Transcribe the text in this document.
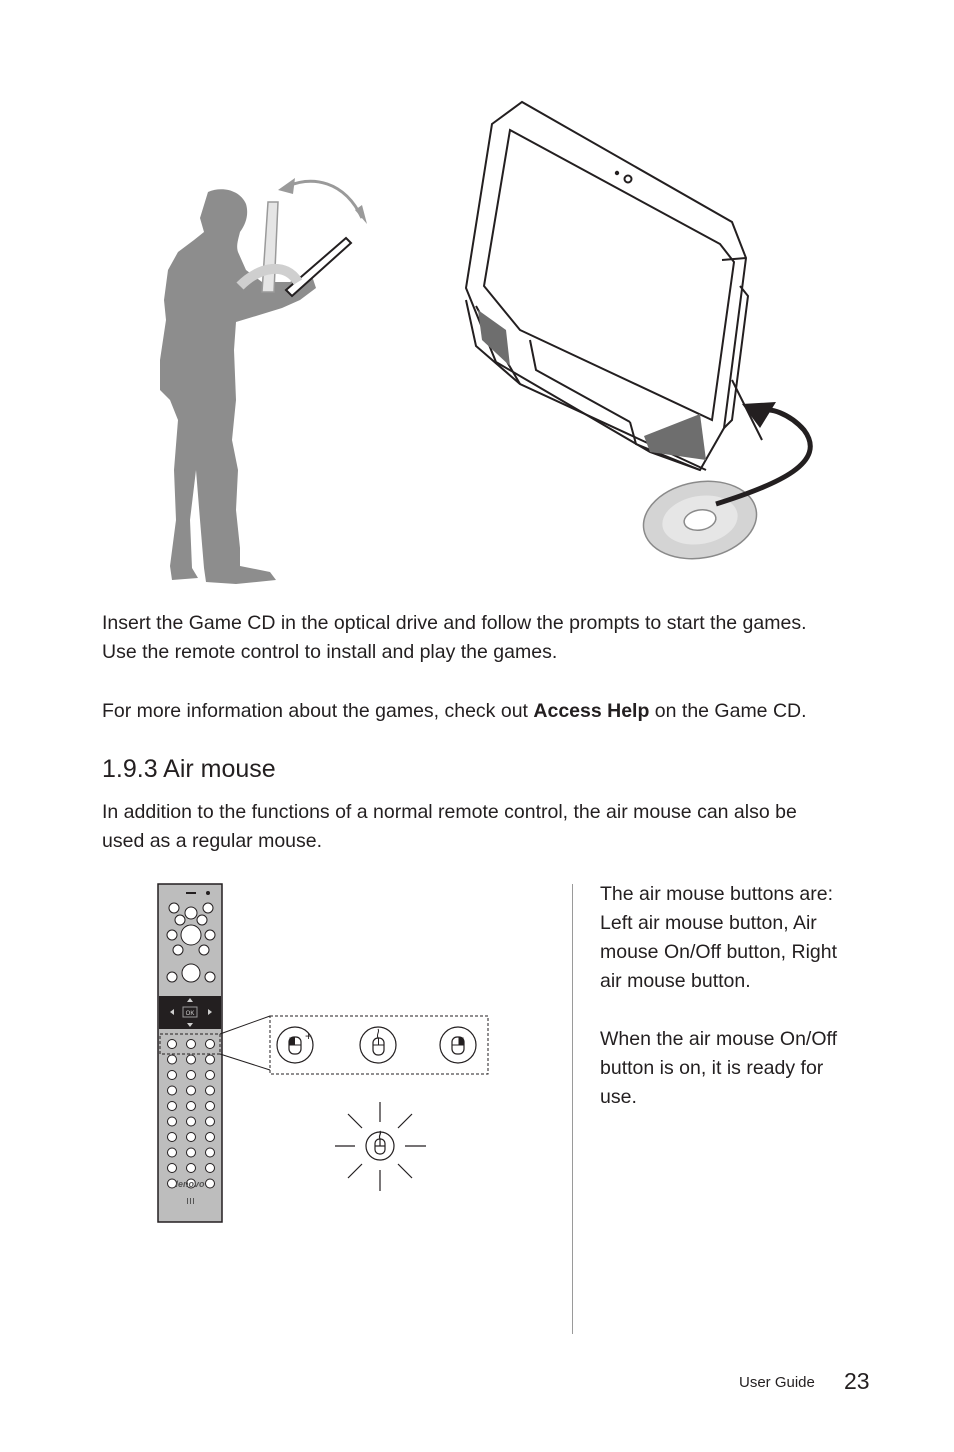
Insert the Game CD in the optical drive and follow the prompts to start the games.
Use the remote control to install and play the games.

For more information about the games, check out Access Help on the Game CD.

1.9.3 Air mouse

In addition to the functions of a normal remote control, the air mouse can also be
used as a regular mouse.

OK
lenovo
+
The air mouse buttons are:
Left air mouse button, Air
mouse On/Off button, Right
air mouse button.
When the air mouse On/Off
button is on, it is ready for
use.
User Guide 23
